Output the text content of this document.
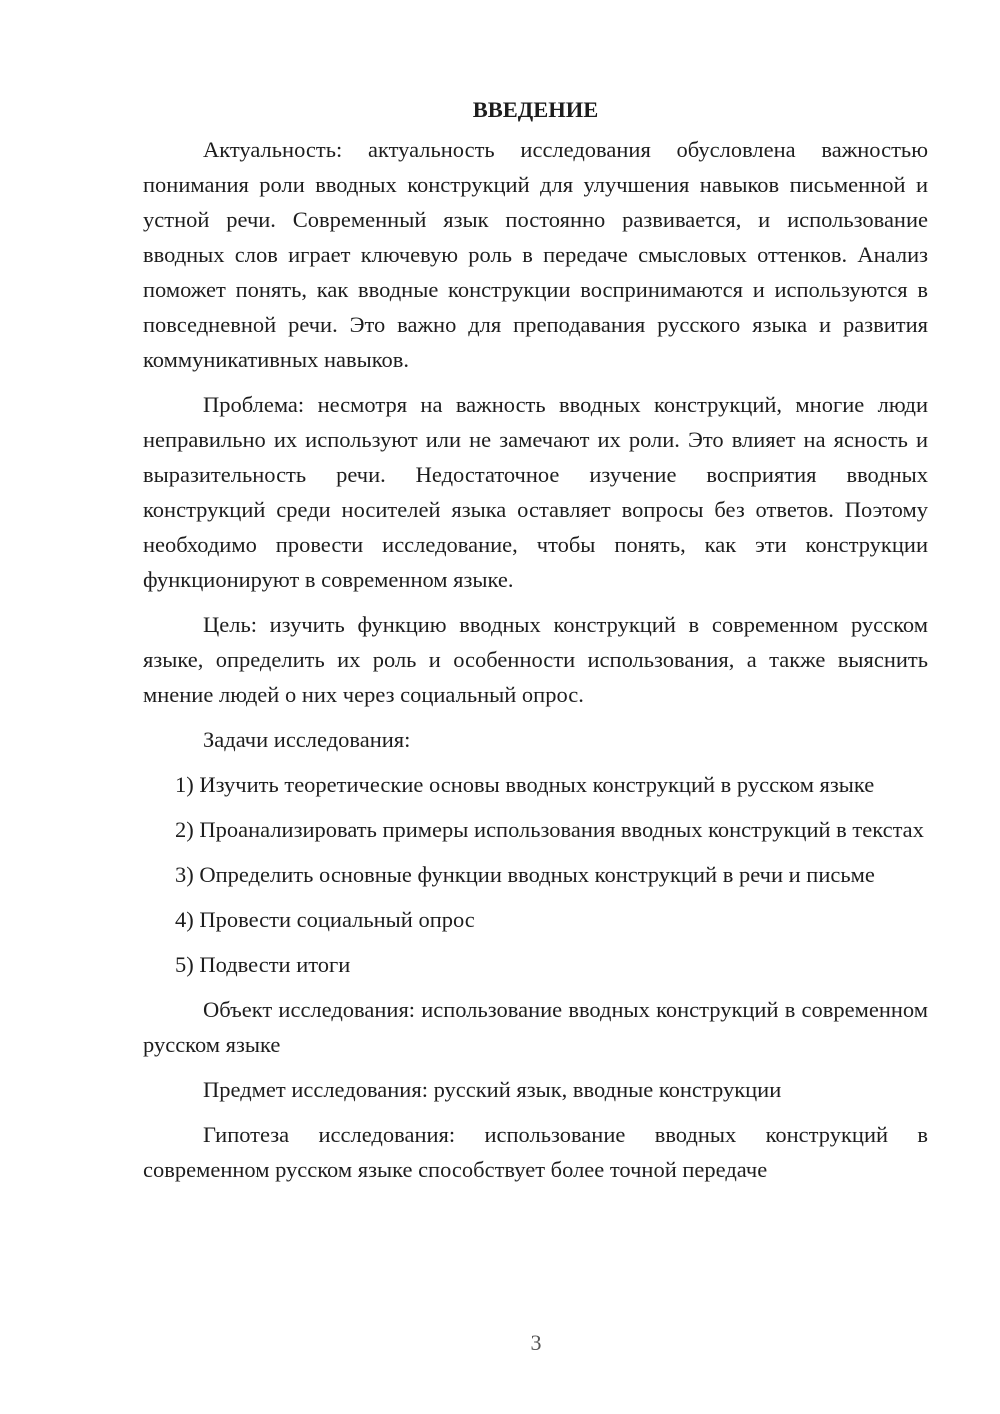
ВВЕДЕНИЕ

Актуальность: актуальность исследования обусловлена важностью понимания роли вводных конструкций для улучшения навыков письменной и устной речи. Современный язык постоянно развивается, и использование вводных слов играет ключевую роль в передаче смысловых оттенков. Анализ поможет понять, как вводные конструкции воспринимаются и используются в повседневной речи. Это важно для преподавания русского языка и развития коммуникативных навыков.

Проблема: несмотря на важность вводных конструкций, многие люди неправильно их используют или не замечают их роли. Это влияет на ясность и выразительность речи. Недостаточное изучение восприятия вводных конструкций среди носителей языка оставляет вопросы без ответов. Поэтому необходимо провести исследование, чтобы понять, как эти конструкции функционируют в современном языке.

Цель: изучить функцию вводных конструкций в современном русском языке, определить их роль и особенности использования, а также выяснить мнение людей о них через социальный опрос.

Задачи исследования:

1) Изучить теоретические основы вводных конструкций в русском языке

2) Проанализировать примеры использования вводных конструкций в текстах

3) Определить основные функции вводных конструкций в речи и письме

4) Провести социальный опрос

5) Подвести итоги

Объект исследования: использование вводных конструкций в современном русском языке

Предмет исследования: русский язык, вводные конструкции

Гипотеза исследования: использование вводных конструкций в современном русском языке способствует более точной передаче

3
